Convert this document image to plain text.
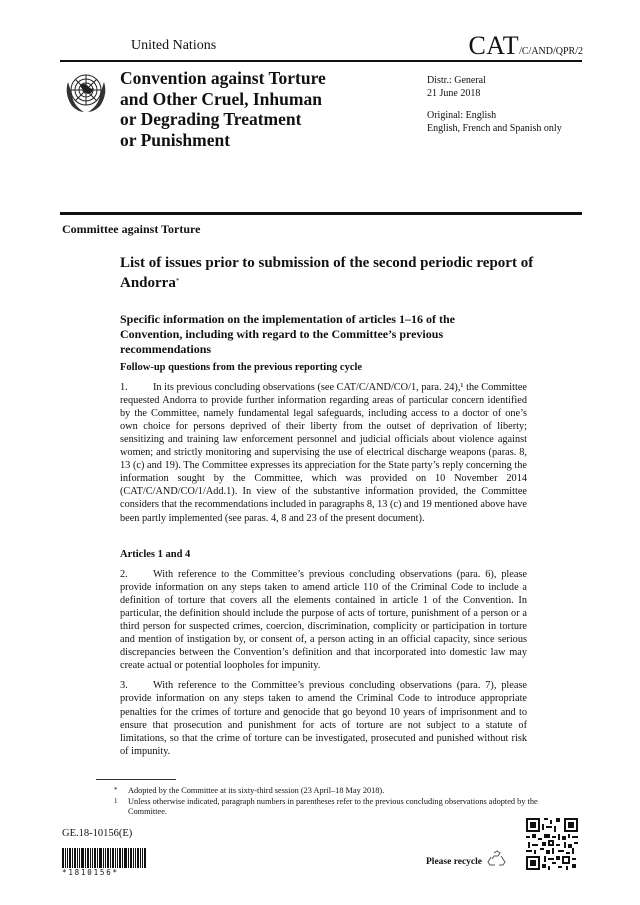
United Nations	CAT/C/AND/QPR/2
Convention against Torture
and Other Cruel, Inhuman
or Degrading Treatment
or Punishment

Distr.: General

21 June 2018

Original: English

English, French and Spanish only

Committee against Torture
List of issues prior to submission of the second periodic report of Andorra*
Specific information on the implementation of articles 1–16 of the Convention, including with regard to the Committee’s previous recommendations
Follow-up questions from the previous reporting cycle

1. In its previous concluding observations (see CAT/C/AND/CO/1, para. 24),¹ the Committee requested Andorra to provide further information regarding areas of particular concern identified by the Committee, namely fundamental legal safeguards, including access to a doctor of one’s own choice for persons deprived of their liberty from the outset of deprivation of liberty; sensitizing and training law enforcement personnel and judicial officials about violence against women; and strictly monitoring and supervising the use of electrical discharge weapons (paras. 8, 13 (c) and 19). The Committee expresses its appreciation for the State party’s reply concerning the information sought by the Committee, which was provided on 10 November 2014 (CAT/C/AND/CO/1/Add.1). In view of the substantive information provided, the Committee considers that the recommendations included in paragraphs 8, 13 (c) and 19 mentioned above have been partly implemented (see paras. 4, 8 and 23 of the present document).

Articles 1 and 4

2. With reference to the Committee’s previous concluding observations (para. 6), please provide information on any steps taken to amend article 110 of the Criminal Code to include a definition of torture that covers all the elements contained in article 1 of the Convention. In particular, the definition should include the purpose of acts of torture, punishment of a person or a third person for suspected crimes, coercion, discrimination, complicity or participation in torture and mention of instigation by, or consent of, a person acting in an official capacity, since serious discrepancies between the Convention’s definition and that incorporated into domestic law may create actual or potential loopholes for impunity.

3. With reference to the Committee’s previous concluding observations (para. 7), please provide information on any steps taken to amend the Criminal Code to introduce appropriate penalties for the crimes of torture and genocide that go beyond 10 years of imprisonment and to ensure that prosecution and punishment for acts of torture are not subject to a statute of limitations, so that the crime of torture can be investigated, prosecuted and punished without risk of impunity.

* Adopted by the Committee at its sixty-third session (23 April–18 May 2018).
1 Unless otherwise indicated, paragraph numbers in parentheses refer to the previous concluding observations adopted by the Committee.
GE.18-10156(E)
*1810156*
Please recycle
